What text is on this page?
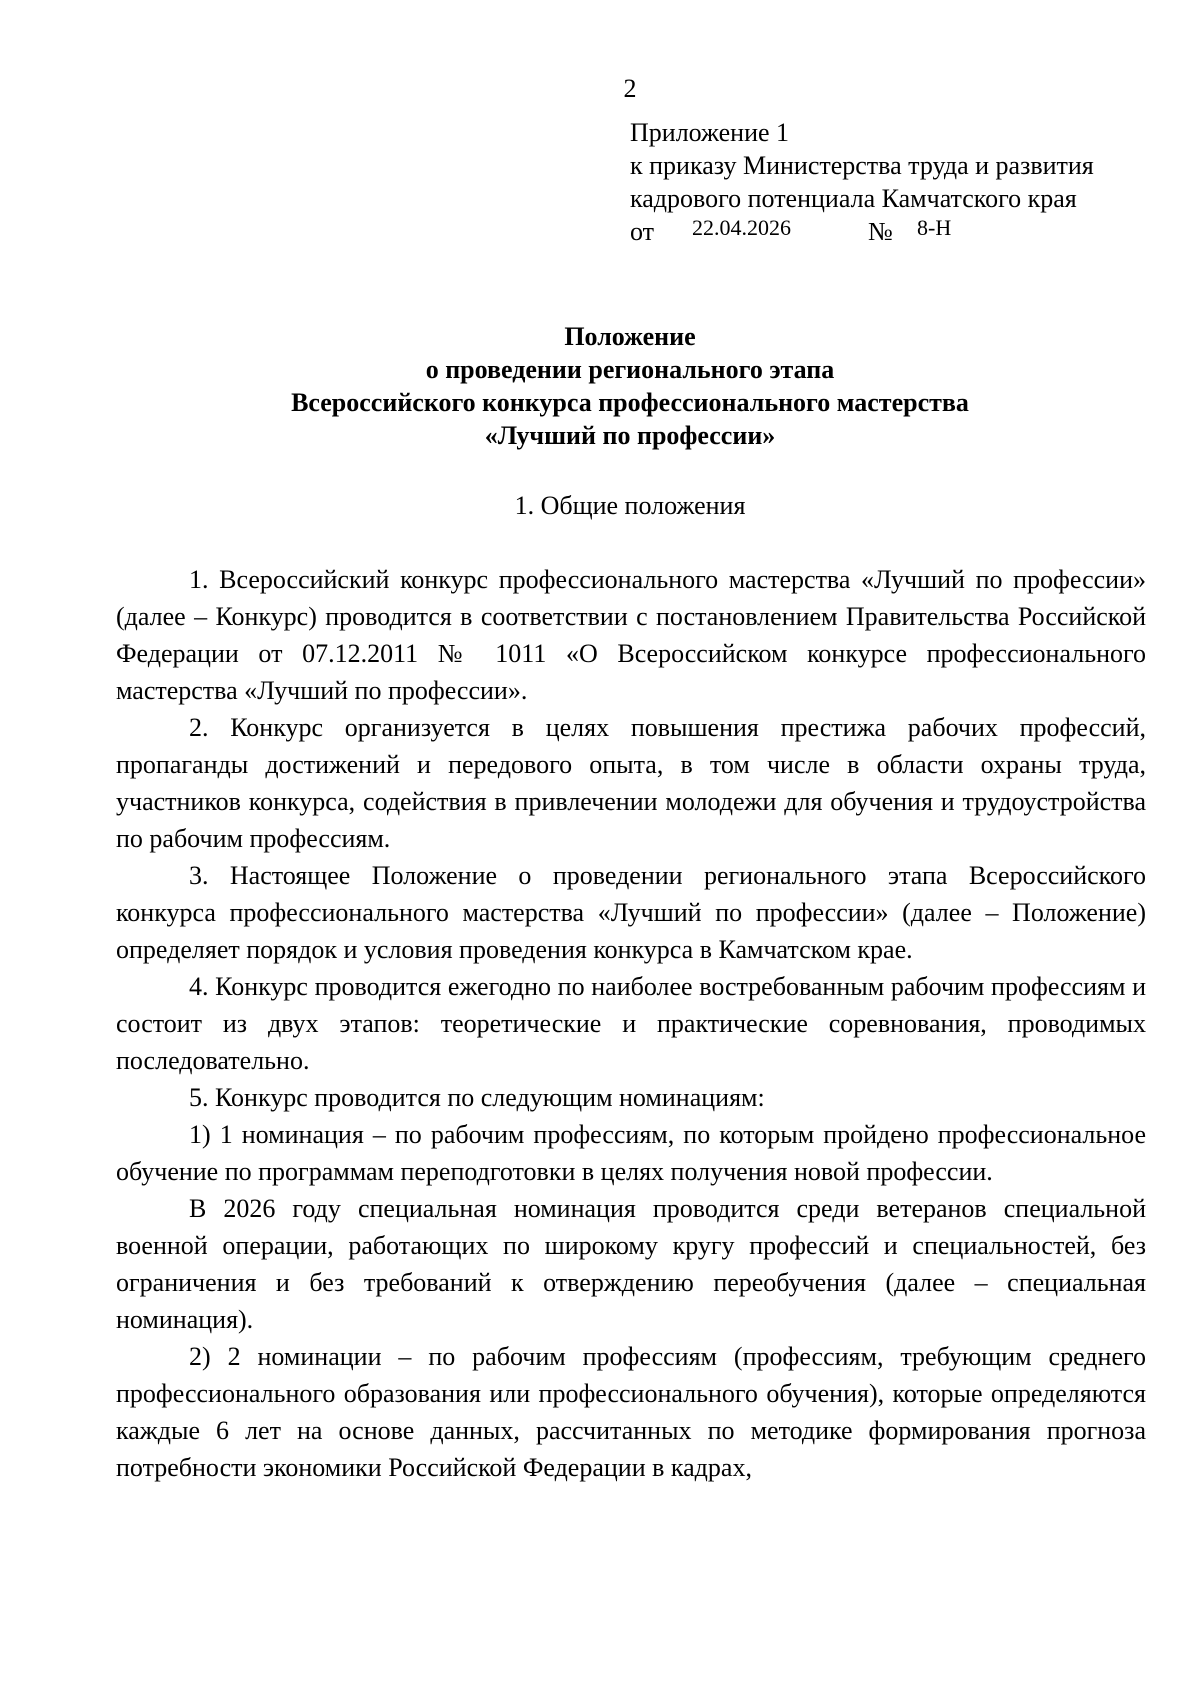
2
Приложение 1
к приказу Министерства труда и развития
кадрового потенциала Камчатского края
от 22.04.2026	№ 8-Н
Положение
о проведении регионального этапа
Всероссийского конкурса профессионального мастерства
«Лучший по профессии»
1. Общие положения

1. Всероссийский конкурс профессионального мастерства «Лучший по профессии» (далее – Конкурс) проводится в соответствии с постановлением Правительства Российской Федерации от 07.12.2011 № 1011 «О Всероссийском конкурсе профессионального мастерства «Лучший по профессии».

2. Конкурс организуется в целях повышения престижа рабочих профессий, пропаганды достижений и передового опыта, в том числе в области охраны труда, участников конкурса, содействия в привлечении молодежи для обучения и трудоустройства по рабочим профессиям.

3. Настоящее Положение о проведении регионального этапа Всероссийского конкурса профессионального мастерства «Лучший по профессии» (далее – Положение) определяет порядок и условия проведения конкурса в Камчатском крае.

4. Конкурс проводится ежегодно по наиболее востребованным рабочим профессиям и состоит из двух этапов: теоретические и практические соревнования, проводимых последовательно.

5. Конкурс проводится по следующим номинациям:

1) 1 номинация – по рабочим профессиям, по которым пройдено профессиональное обучение по программам переподготовки в целях получения новой профессии.

В 2026 году специальная номинация проводится среди ветеранов специальной военной операции, работающих по широкому кругу профессий и специальностей, без ограничения и без требований к отверждению переобучения (далее – специальная номинация).

2) 2 номинации – по рабочим профессиям (профессиям, требующим среднего профессионального образования или профессионального обучения), которые определяются каждые 6 лет на основе данных, рассчитанных по методике формирования прогноза потребности экономики Российской Федерации в кадрах,
